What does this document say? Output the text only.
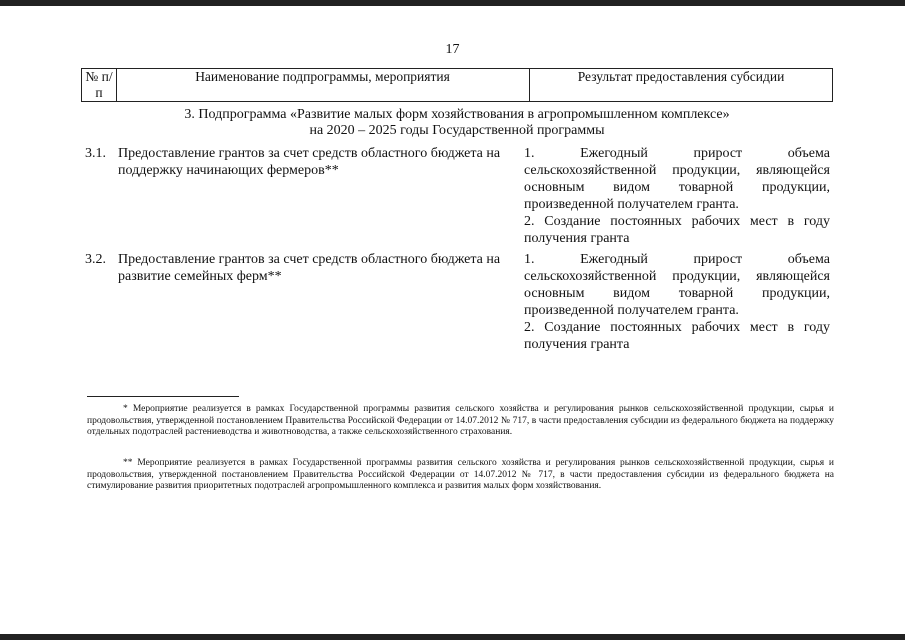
17
№ п/п
Наименование подпрограммы, мероприятия	Результат предоставления субсидии
3. Подпрограмма «Развитие малых форм хозяйствования в агропромышленном комплексе»
на 2020 – 2025 годы Государственной программы
3.1. Предоставление грантов за счет средств областного бюджета на поддержку начинающих фермеров**

1. Ежегодный прирост объема сельскохозяйственной продукции, являющейся основным видом товарной продукции, произведенной получателем гранта.

2. Создание постоянных рабочих мест в году получения гранта

3.2. Предоставление грантов за счет средств областного бюджета на развитие семейных ферм**

1. Ежегодный прирост объема сельскохозяйственной продукции, являющейся основным видом товарной продукции, произведенной получателем гранта.

2. Создание постоянных рабочих мест в году получения гранта

* Мероприятие реализуется в рамках Государственной программы развития сельского хозяйства и регулирования рынков сельскохозяйственной продукции, сырья и продовольствия, утвержденной постановлением Правительства Российской Федерации от 14.07.2012 № 717, в части предоставления субсидии из федерального бюджета на поддержку отдельных подотраслей растениеводства и животноводства, а также сельскохозяйственного страхования.
** Мероприятие реализуется в рамках Государственной программы развития сельского хозяйства и регулирования рынков сельскохозяйственной продукции, сырья и продовольствия, утвержденной постановлением Правительства Российской Федерации от 14.07.2012 № 717, в части предоставления субсидии из федерального бюджета на стимулирование развития приоритетных подотраслей агропромышленного комплекса и развития малых форм хозяйствования.
